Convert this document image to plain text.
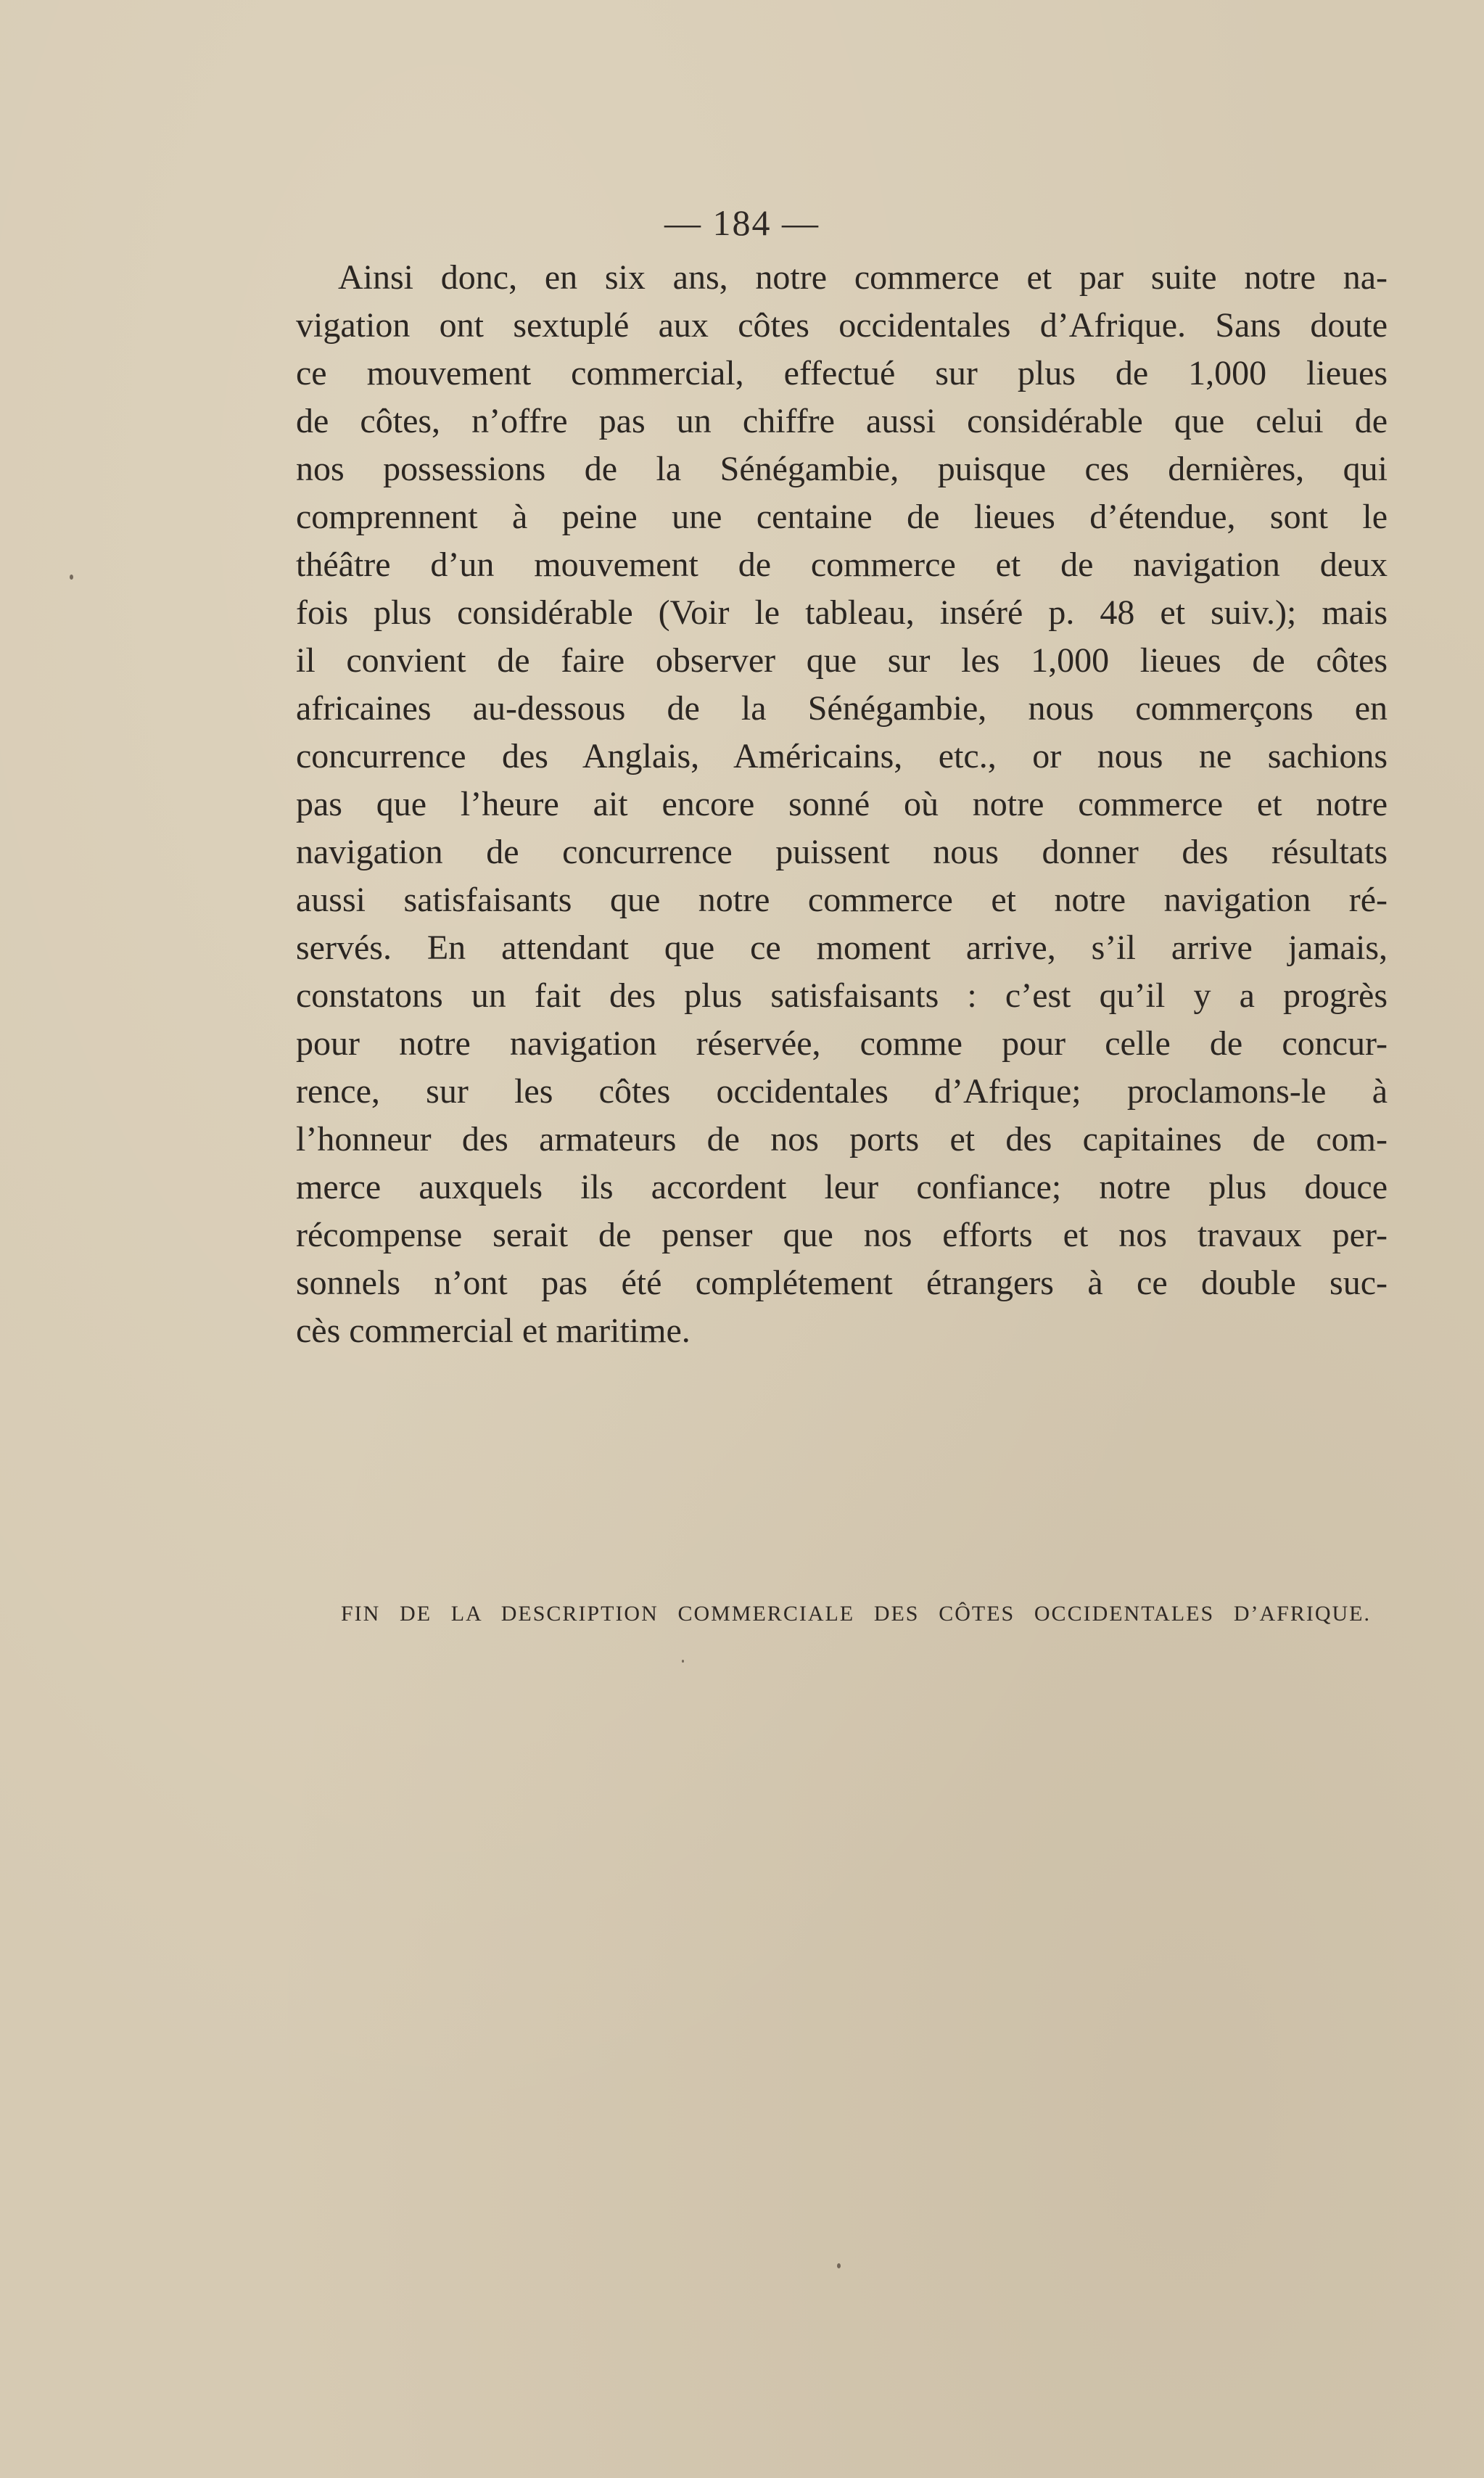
— 184 —
Ainsi donc, en six ans, notre commerce et par suite notre na-
vigation ont sextuplé aux côtes occidentales d’Afrique. Sans doute
ce mouvement commercial, effectué sur plus de 1,000 lieues
de côtes, n’offre pas un chiffre aussi considérable que celui de
nos possessions de la Sénégambie, puisque ces dernières, qui
comprennent à peine une centaine de lieues d’étendue, sont le
théâtre d’un mouvement de commerce et de navigation deux
fois plus considérable (Voir le tableau, inséré p. 48 et suiv.); mais
il convient de faire observer que sur les 1,000 lieues de côtes
africaines au-dessous de la Sénégambie, nous commerçons en
concurrence des Anglais, Américains, etc., or nous ne sachions
pas que l’heure ait encore sonné où notre commerce et notre
navigation de concurrence puissent nous donner des résultats
aussi satisfaisants que notre commerce et notre navigation ré-
servés. En attendant que ce moment arrive, s’il arrive jamais,
constatons un fait des plus satisfaisants : c’est qu’il y a progrès
pour notre navigation réservée, comme pour celle de concur-
rence, sur les côtes occidentales d’Afrique; proclamons-le à
l’honneur des armateurs de nos ports et des capitaines de com-
merce auxquels ils accordent leur confiance; notre plus douce
récompense serait de penser que nos efforts et nos travaux per-
sonnels n’ont pas été complétement étrangers à ce double suc-
cès commercial et maritime.
FIN DE LA DESCRIPTION COMMERCIALE DES CÔTES OCCIDENTALES D’AFRIQUE.
